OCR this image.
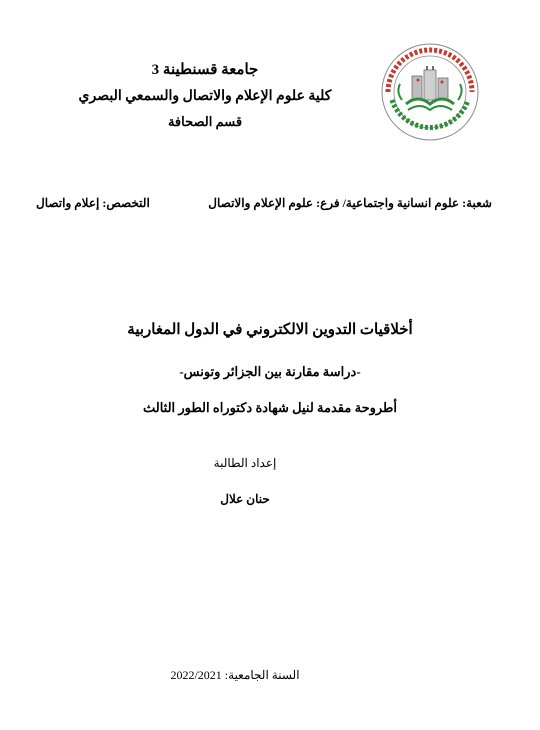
جامعة قسنطينة 3
كلية علوم الإعلام والاتصال والسمعي البصري
قسم الصحافة
شعبة: علوم انسانية واجتماعية/ فرع: علوم الإعلام والاتصال
التخصص: إعلام واتصال
أخلاقيات التدوين الالكتروني في الدول المغاربية
-دراسة مقارنة بين الجزائر وتونس-
أطروحة مقدمة لنيل شهادة دكتوراه الطور الثالث
إعداد الطالبة
حنان علال
السنة الجامعية: 2022/2021
